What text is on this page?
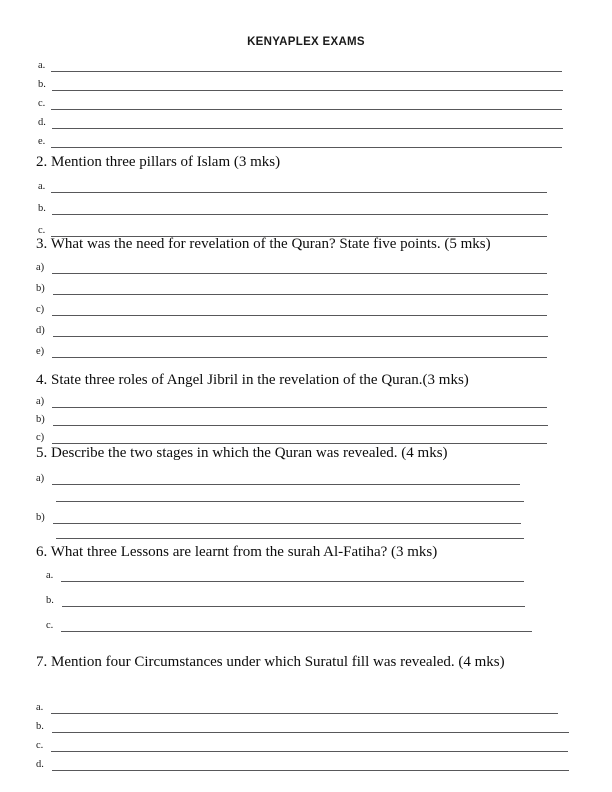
KENYAPLEX EXAMS
a.
b.
c.
d.
e.
2. Mention three pillars of Islam (3 mks)
a.
b.
c.
3. What was the need for revelation of the Quran? State five points. (5 mks)
a)
b)
c)
d)
e)
4. State three roles of Angel Jibril in the revelation of the Quran.(3 mks)
a)
b)
c)
5. Describe the two stages in which the Quran was revealed. (4 mks)
a)
b)
6. What three Lessons are learnt from the surah Al-Fatiha? (3 mks)
a.
b.
c.
7. Mention four Circumstances under which Suratul fill was revealed. (4 mks)
a.
b.
c.
d.
